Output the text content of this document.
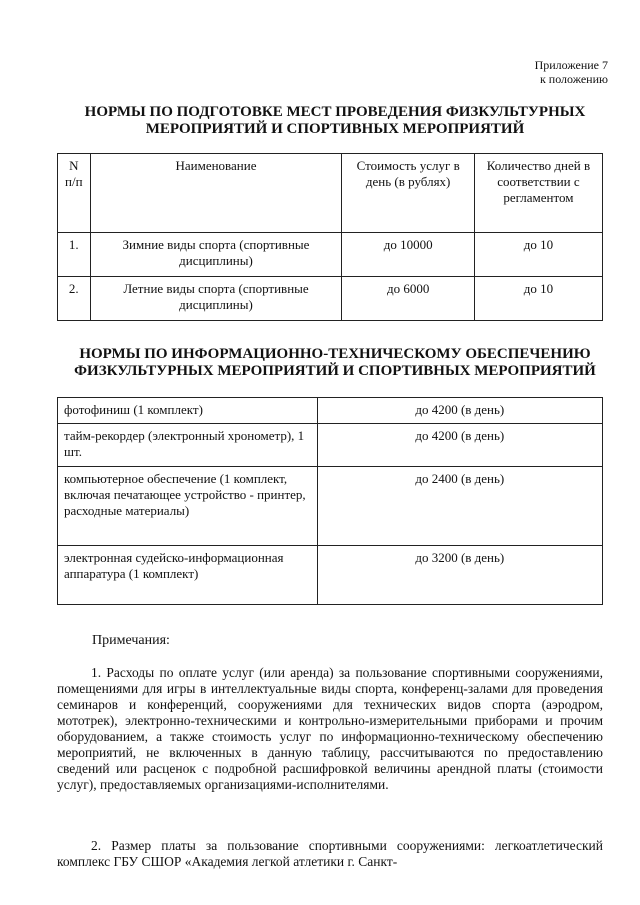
Приложение 7
к положению
НОРМЫ ПО ПОДГОТОВКЕ МЕСТ ПРОВЕДЕНИЯ ФИЗКУЛЬТУРНЫХ МЕРОПРИЯТИЙ И СПОРТИВНЫХ МЕРОПРИЯТИЙ
N п/п	Наименование	Стоимость услуг в день (в рублях)	Количество дней в соответствии с регламентом
1.	Зимние виды спорта (спортивные дисциплины)	до 10000	до 10
2.	Летние виды спорта (спортивные дисциплины)	до 6000	до 10
НОРМЫ ПО ИНФОРМАЦИОННО-ТЕХНИЧЕСКОМУ ОБЕСПЕЧЕНИЮ ФИЗКУЛЬТУРНЫХ МЕРОПРИЯТИЙ И СПОРТИВНЫХ МЕРОПРИЯТИЙ
фотофиниш (1 комплект)	до 4200 (в день)
тайм-рекордер (электронный хронометр), 1 шт.	до 4200 (в день)
компьютерное обеспечение (1 комплект, включая печатающее устройство - принтер, расходные материалы)	до 2400 (в день)
электронная судейско-информационная аппаратура (1 комплект)	до 3200 (в день)
Примечания:
1. Расходы по оплате услуг (или аренда) за пользование спортивными сооружениями, помещениями для игры в интеллектуальные виды спорта, конференц-залами для проведения семинаров и конференций, сооружениями для технических видов спорта (аэродром, мототрек), электронно-техническими и контрольно-измерительными приборами и прочим оборудованием, а также стоимость услуг по информационно-техническому обеспечению мероприятий, не включенных в данную таблицу, рассчитываются по предоставлению сведений или расценок с подробной расшифровкой величины арендной платы (стоимости услуг), предоставляемых организациями-исполнителями.
2. Размер платы за пользование спортивными сооружениями: легкоатлетический комплекс ГБУ СШОР «Академия легкой атлетики г. Санкт-
